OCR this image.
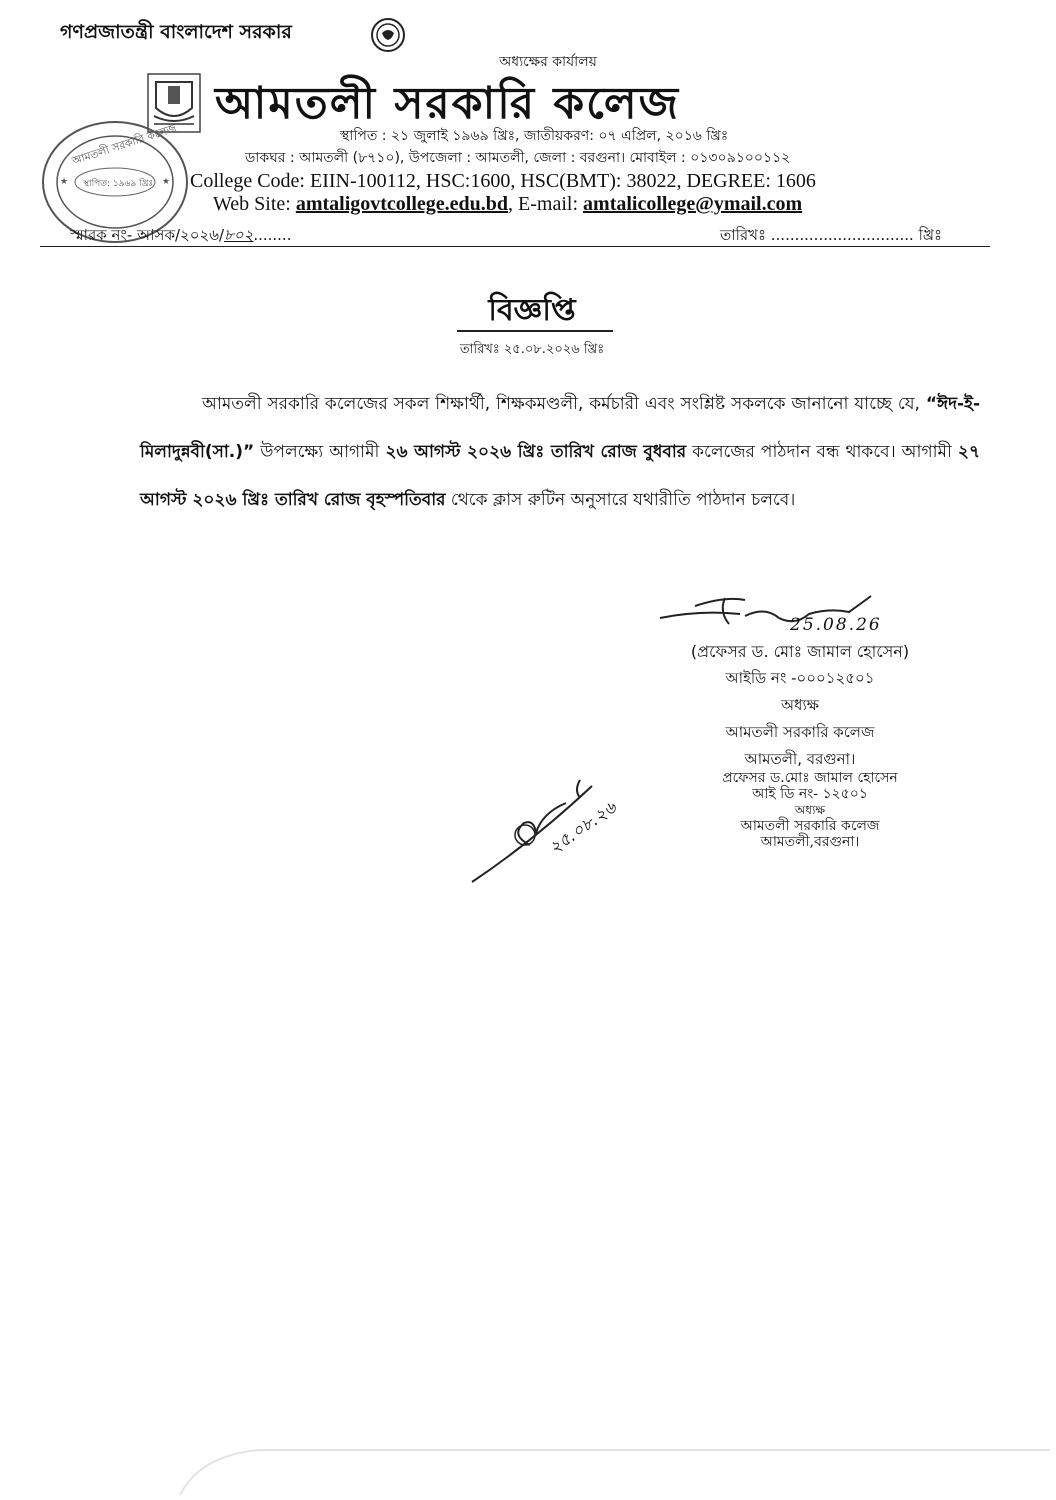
গণপ্রজাতন্ত্রী বাংলাদেশ সরকার
অধ্যক্ষের কার্যালয়
আমতলী সরকারি কলেজ
স্থাপিত : ২১ জুলাই ১৯৬৯ খ্রিঃ, জাতীয়করণ: ০৭ এপ্রিল, ২০১৬ খ্রিঃ
ডাকঘর : আমতলী (৮৭১০), উপজেলা : আমতলী, জেলা : বরগুনা। মোবাইল : ০১৩০৯১০০১১২
College Code: EIIN-100112, HSC:1600, HSC(BMT): 38022, DEGREE: 1606
Web Site: amtaligovtcollege.edu.bd, E-mail: amtalicollege@ymail.com
★	★
আমতলী সরকারি কলেজ
স্থাপিত: ১৯৬৯ খ্রিঃ
স্মারক নং- আসক/২০২৬/৮০২........	তারিখঃ .............................. খ্রিঃ
বিজ্ঞপ্তি
তারিখঃ ২৫.০৮.২০২৬ খ্রিঃ
আমতলী সরকারি কলেজের সকল শিক্ষার্থী, শিক্ষকমণ্ডলী, কর্মচারী এবং সংশ্লিষ্ট সকলকে জানানো যাচ্ছে যে, “ঈদ-ই-মিলাদুন্নবী(সা.)” উপলক্ষ্যে আগামী ২৬ আগস্ট ২০২৬ খ্রিঃ তারিখ রোজ বুধবার কলেজের পাঠদান বন্ধ থাকবে। আগামী ২৭ আগস্ট ২০২৬ খ্রিঃ তারিখ রোজ বৃহস্পতিবার থেকে ক্লাস রুটিন অনুসারে যথারীতি পাঠদান চলবে।
25.08.26
(প্রফেসর ড. মোঃ জামাল হোসেন)
আইডি নং -০০০১২৫০১
অধ্যক্ষ
আমতলী সরকারি কলেজ
আমতলী, বরগুনা।
প্রফেসর ড.মোঃ জামাল হোসেন
আই ডি নং- ১২৫০১
অধ্যক্ষ
আমতলী সরকারি কলেজ
আমতলী,বরগুনা।
২৫.০৮.২৬
